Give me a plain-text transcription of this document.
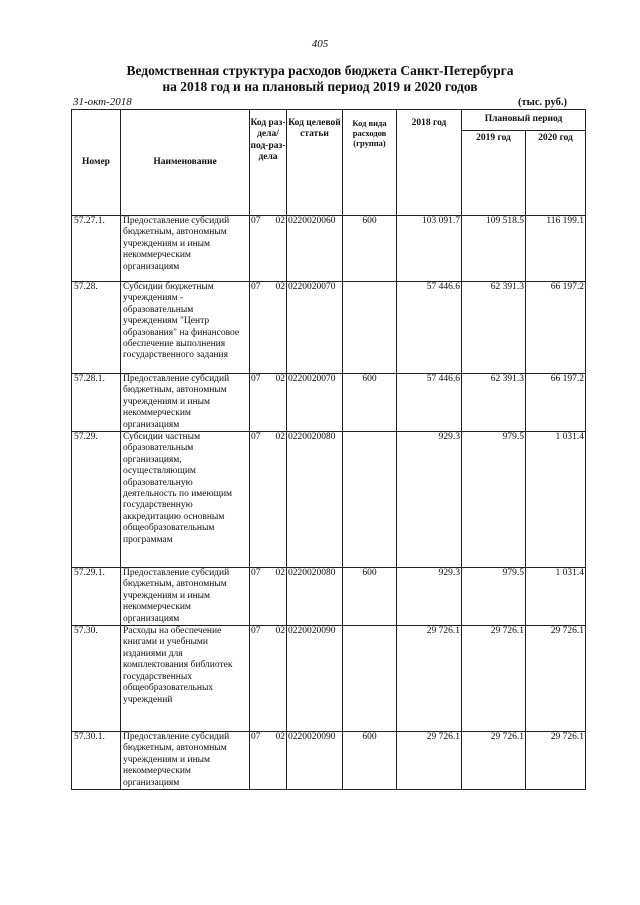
405
Ведомственная структура расходов бюджета Санкт-Петербурга
на 2018 год и на плановый период 2019 и 2020 годов
31-окт-2018	(тыс. руб.)
Номер	Наименование	Код раз-дела/ под-раз-дела	Код целевой статьи	Код вида расходов (группа)	2018 год	Плановый период	
						2019 год	2020 год
57.27.1.	Предоставление субсидий бюджетным, автономным учреждениям и иным некоммерческим организациям	07 02	0220020060	600	103 091.7	109 518.5	116 199.1
57.28.	Субсидии бюджетным учреждениям - образовательным учреждениям "Центр образования" на финансовое обеспечение выполнения государственного задания	07 02	0220020070		57 446.6	62 391.3	66 197.2
57.28.1.	Предоставление субсидий бюджетным, автономным учреждениям и иным некоммерческим организациям	07 02	0220020070	600	57 446.6	62 391.3	66 197.2
57.29.	Субсидии частным образовательным организациям, осуществляющим образовательную деятельность по имеющим государственную аккредитацию основным общеобразовательным программам	07 02	0220020080		929.3	979.5	1 031.4
57.29.1.	Предоставление субсидий бюджетным, автономным учреждениям и иным некоммерческим организациям	07 02	0220020080	600	929.3	979.5	1 031.4
57.30.	Расходы на обеспечение книгами и учебными изданиями для комплектования библиотек государственных общеобразовательных учреждений	07 02	0220020090		29 726.1	29 726.1	29 726.1
57.30.1.	Предоставление субсидий бюджетным, автономным учреждениям и иным некоммерческим организациям	07 02	0220020090	600	29 726.1	29 726.1	29 726.1
